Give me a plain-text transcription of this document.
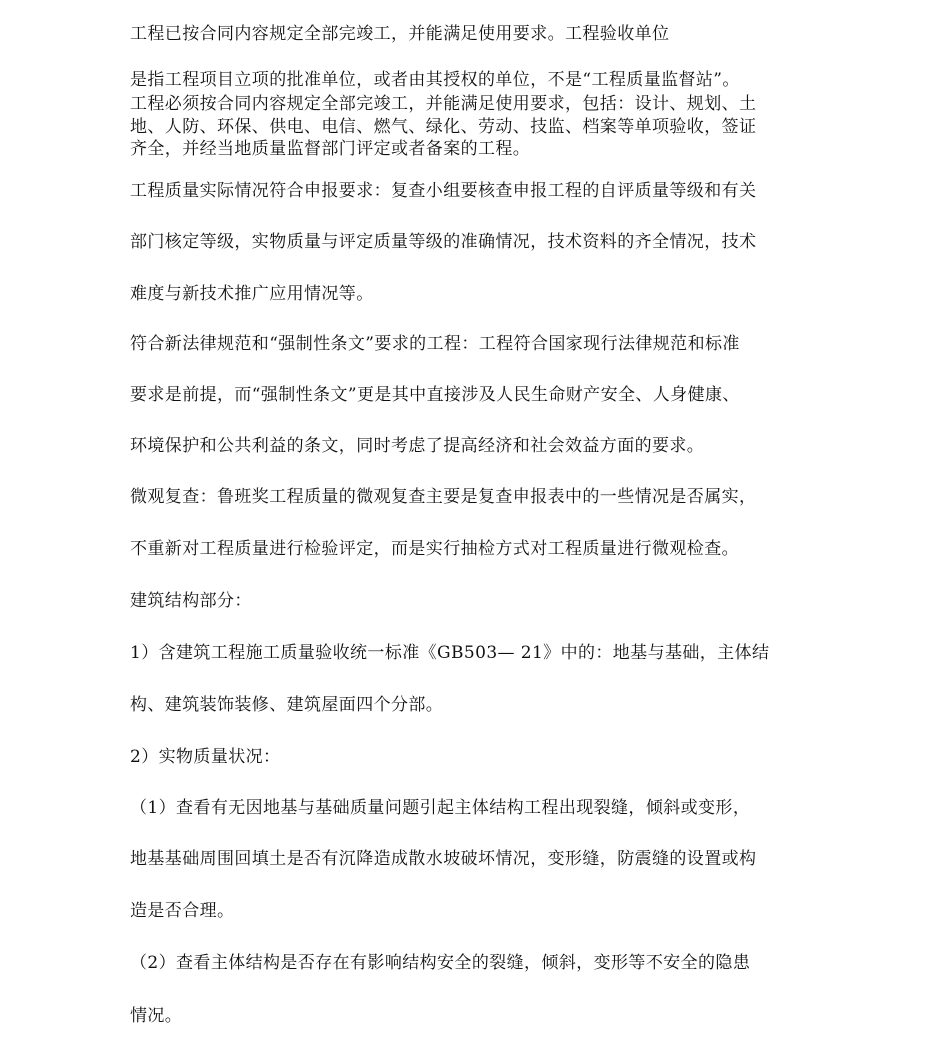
工程已按合同内容规定全部完竣工，并能满足使用要求。工程验收单位
是指工程项目立项的批准单位，或者由其授权的单位，不是“工程质量监督站”。
工程必须按合同内容规定全部完竣工，并能满足使用要求，包括：设计、规划、土
地、人防、环保、供电、电信、燃气、绿化、劳动、技监、档案等单项验收，签证
齐全，并经当地质量监督部门评定或者备案的工程。
工程质量实际情况符合申报要求：复查小组要核查申报工程的自评质量等级和有关
部门核定等级，实物质量与评定质量等级的准确情况，技术资料的齐全情况，技术
难度与新技术推广应用情况等。
符合新法律规范和“强制性条文”要求的工程：工程符合国家现行法律规范和标准
要求是前提，而“强制性条文”更是其中直接涉及人民生命财产安全、人身健康、
环境保护和公共利益的条文，同时考虑了提高经济和社会效益方面的要求。
微观复查：鲁班奖工程质量的微观复查主要是复查申报表中的一些情况是否属实，
不重新对工程质量进行检验评定，而是实行抽检方式对工程质量进行微观检查。
建筑结构部分：
1）含建筑工程施工质量验收统一标准《GB503— 21》中的：地基与基础，主体结
构、建筑装饰装修、建筑屋面四个分部。
2）实物质量状况：
（1）查看有无因地基与基础质量问题引起主体结构工程出现裂缝，倾斜或变形，
地基基础周围回填土是否有沉降造成散水坡破坏情况，变形缝，防震缝的设置或构
造是否合理。
（2）查看主体结构是否存在有影响结构安全的裂缝，倾斜，变形等不安全的隐患
情况。
